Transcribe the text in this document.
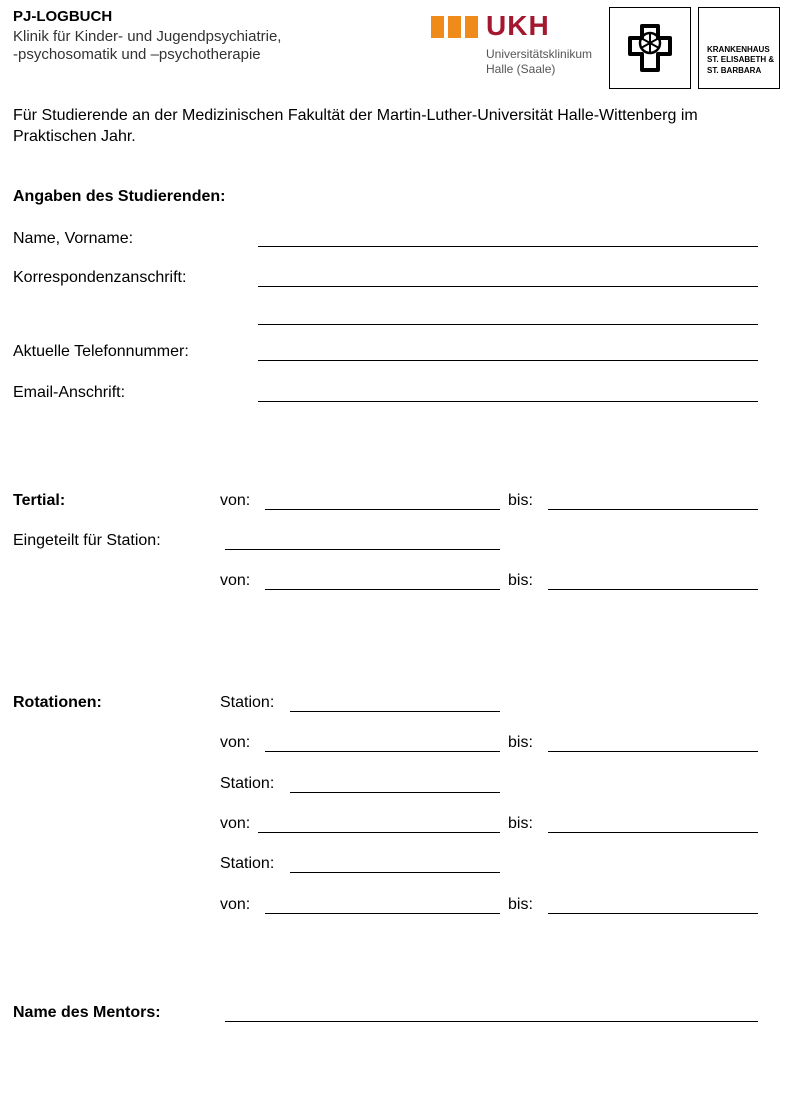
PJ-LOGBUCH
Klinik für Kinder- und Jugendpsychiatrie,
-psychosomatik und –psychotherapie
UKH
Universitätsklinikum
Halle (Saale)
KRANKENHAUS
ST. ELISABETH &
ST. BARBARA
Für Studierende an der Medizinischen Fakultät der Martin-Luther-Universität Halle-Wittenberg im
Praktischen Jahr.
Angaben des Studierenden:
Name, Vorname:
Korrespondenzanschrift:
Aktuelle Telefonnummer:
Email-Anschrift:
Tertial:	von:	bis:
Eingeteilt für Station:
von:	bis:
Rotationen:	Station:
von:	bis:
Station:
von:	bis:
Station:
von:	bis:
Name des Mentors:
